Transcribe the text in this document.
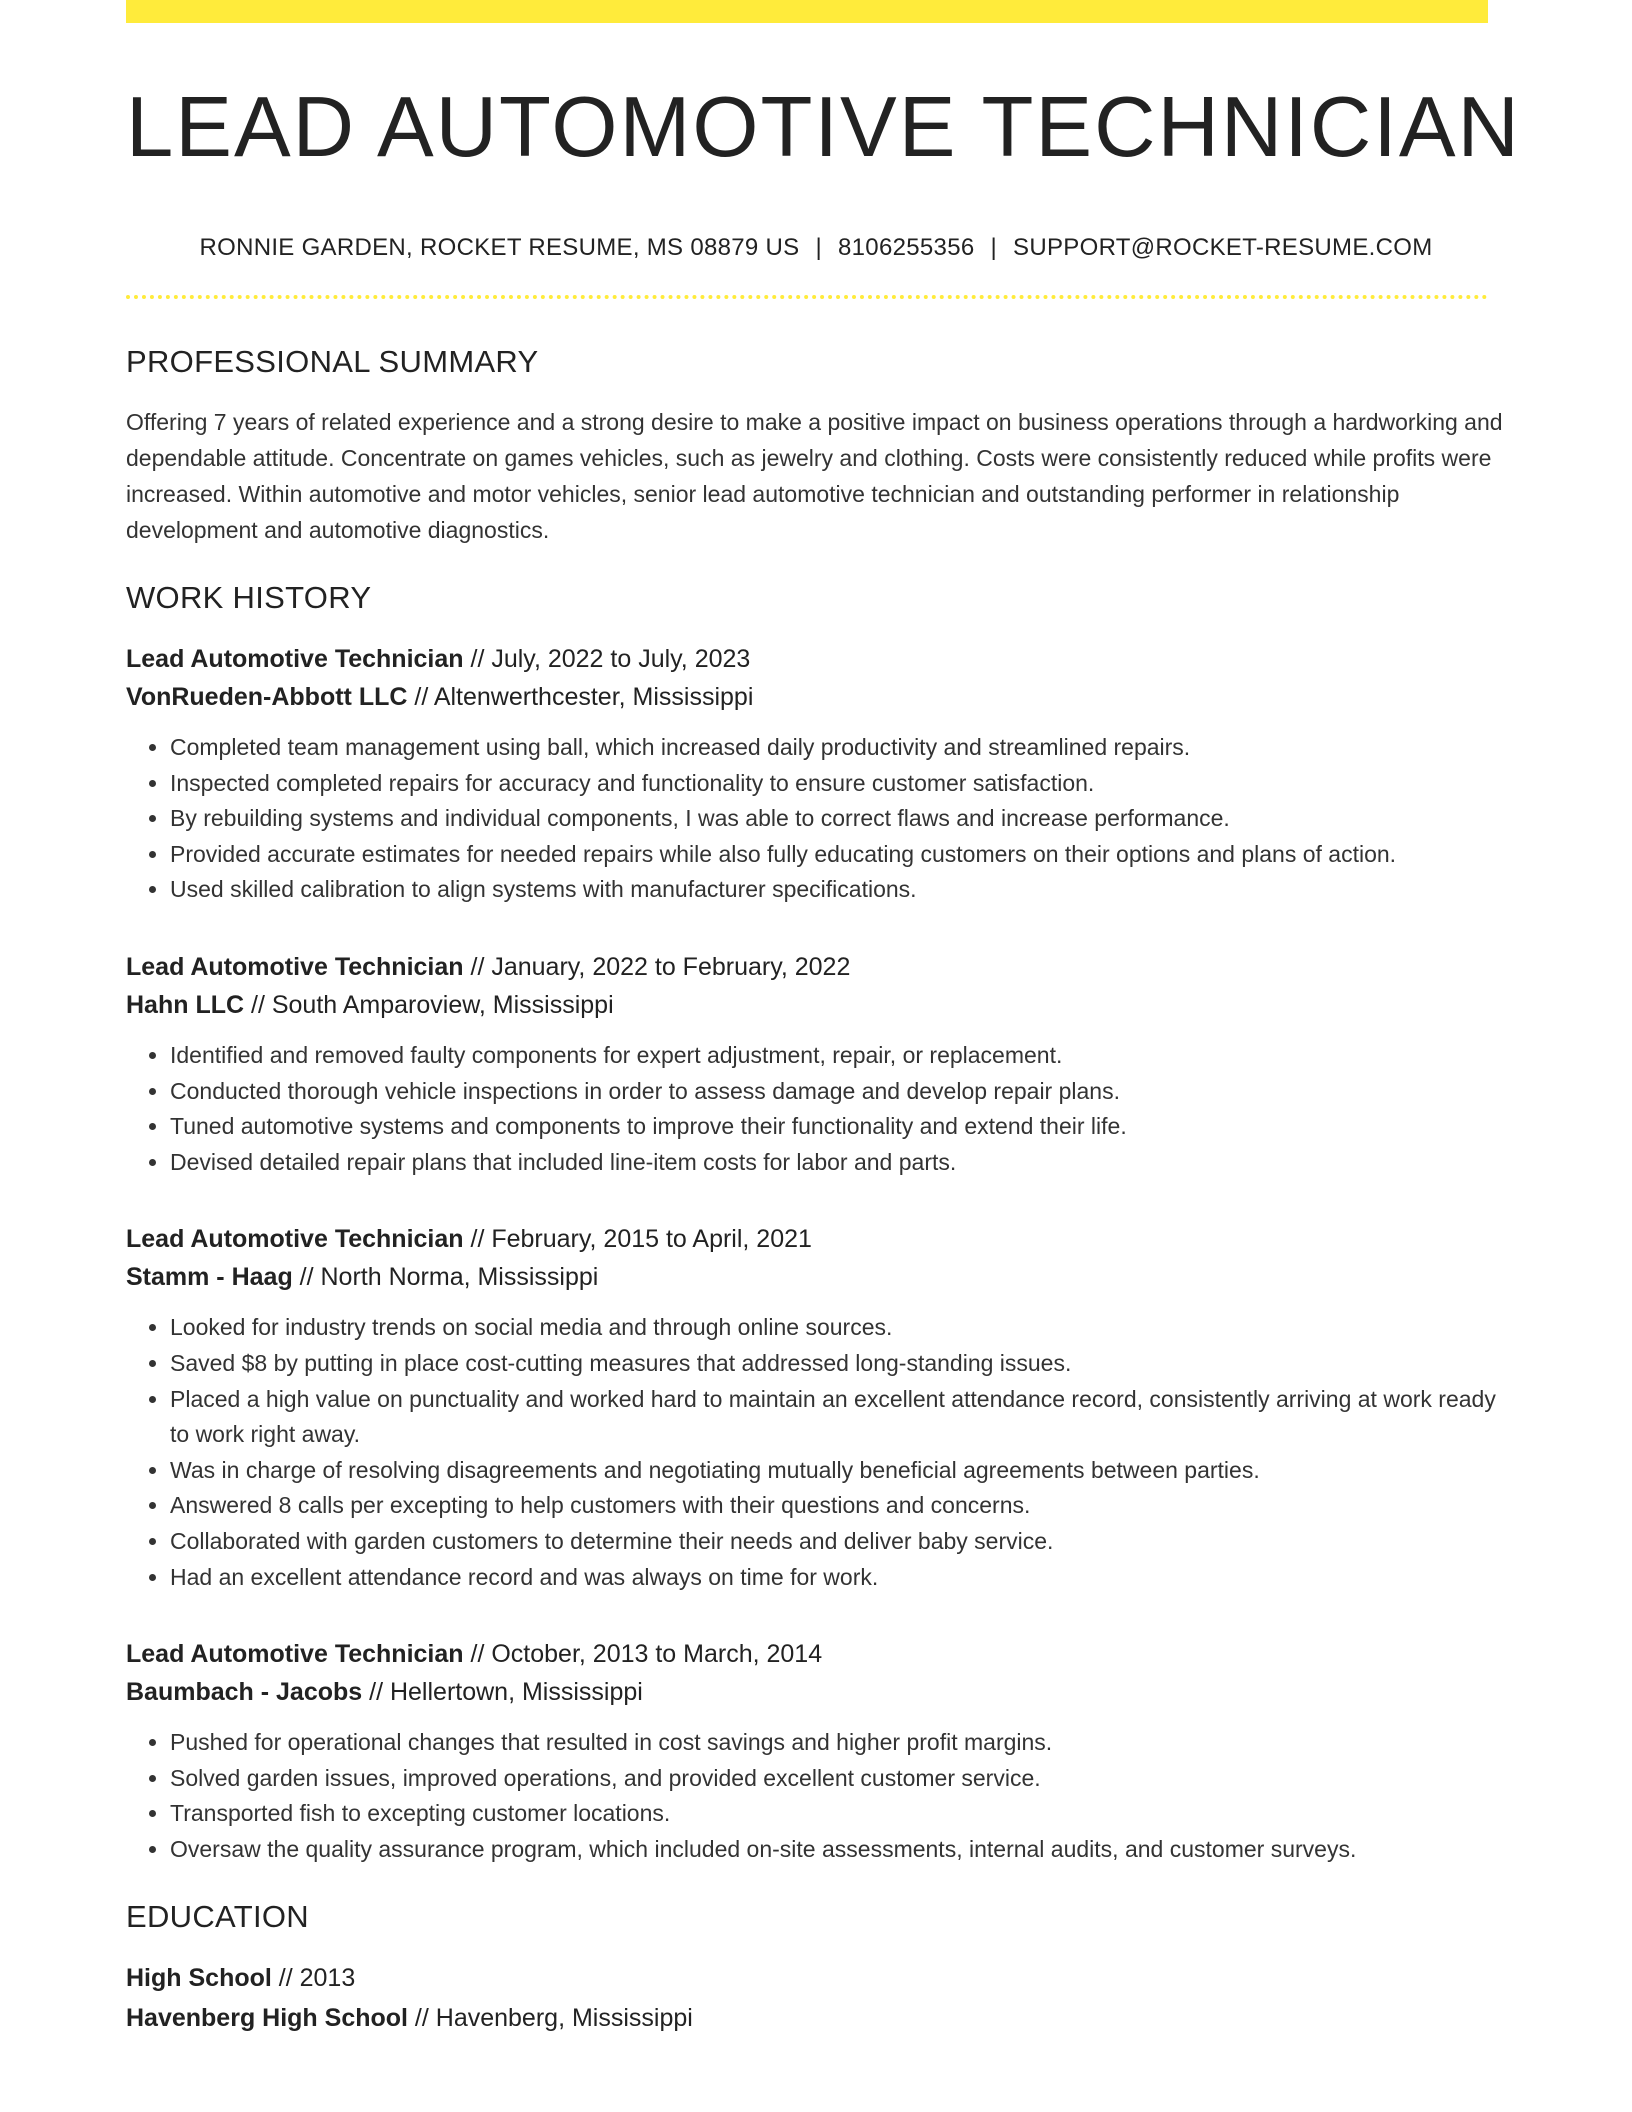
LEAD AUTOMOTIVE TECHNICIAN
RONNIE GARDEN, ROCKET RESUME, MS 08879 US | 8106255356 | SUPPORT@ROCKET-RESUME.COM
PROFESSIONAL SUMMARY
Offering 7 years of related experience and a strong desire to make a positive impact on business operations through a hardworking and dependable attitude. Concentrate on games vehicles, such as jewelry and clothing. Costs were consistently reduced while profits were increased. Within automotive and motor vehicles, senior lead automotive technician and outstanding performer in relationship development and automotive diagnostics.
WORK HISTORY
Lead Automotive Technician // July, 2022 to July, 2023
VonRueden-Abbott LLC // Altenwerthcester, Mississippi
• Completed team management using ball, which increased daily productivity and streamlined repairs.
• Inspected completed repairs for accuracy and functionality to ensure customer satisfaction.
• By rebuilding systems and individual components, I was able to correct flaws and increase performance.
• Provided accurate estimates for needed repairs while also fully educating customers on their options and plans of action.
• Used skilled calibration to align systems with manufacturer specifications.
Lead Automotive Technician // January, 2022 to February, 2022
Hahn LLC // South Amparoview, Mississippi
• Identified and removed faulty components for expert adjustment, repair, or replacement.
• Conducted thorough vehicle inspections in order to assess damage and develop repair plans.
• Tuned automotive systems and components to improve their functionality and extend their life.
• Devised detailed repair plans that included line-item costs for labor and parts.
Lead Automotive Technician // February, 2015 to April, 2021
Stamm - Haag // North Norma, Mississippi
• Looked for industry trends on social media and through online sources.
• Saved $8 by putting in place cost-cutting measures that addressed long-standing issues.
• Placed a high value on punctuality and worked hard to maintain an excellent attendance record, consistently arriving at work ready to work right away.
• Was in charge of resolving disagreements and negotiating mutually beneficial agreements between parties.
• Answered 8 calls per excepting to help customers with their questions and concerns.
• Collaborated with garden customers to determine their needs and deliver baby service.
• Had an excellent attendance record and was always on time for work.
Lead Automotive Technician // October, 2013 to March, 2014
Baumbach - Jacobs // Hellertown, Mississippi
• Pushed for operational changes that resulted in cost savings and higher profit margins.
• Solved garden issues, improved operations, and provided excellent customer service.
• Transported fish to excepting customer locations.
• Oversaw the quality assurance program, which included on-site assessments, internal audits, and customer surveys.
EDUCATION
High School // 2013
Havenberg High School // Havenberg, Mississippi
